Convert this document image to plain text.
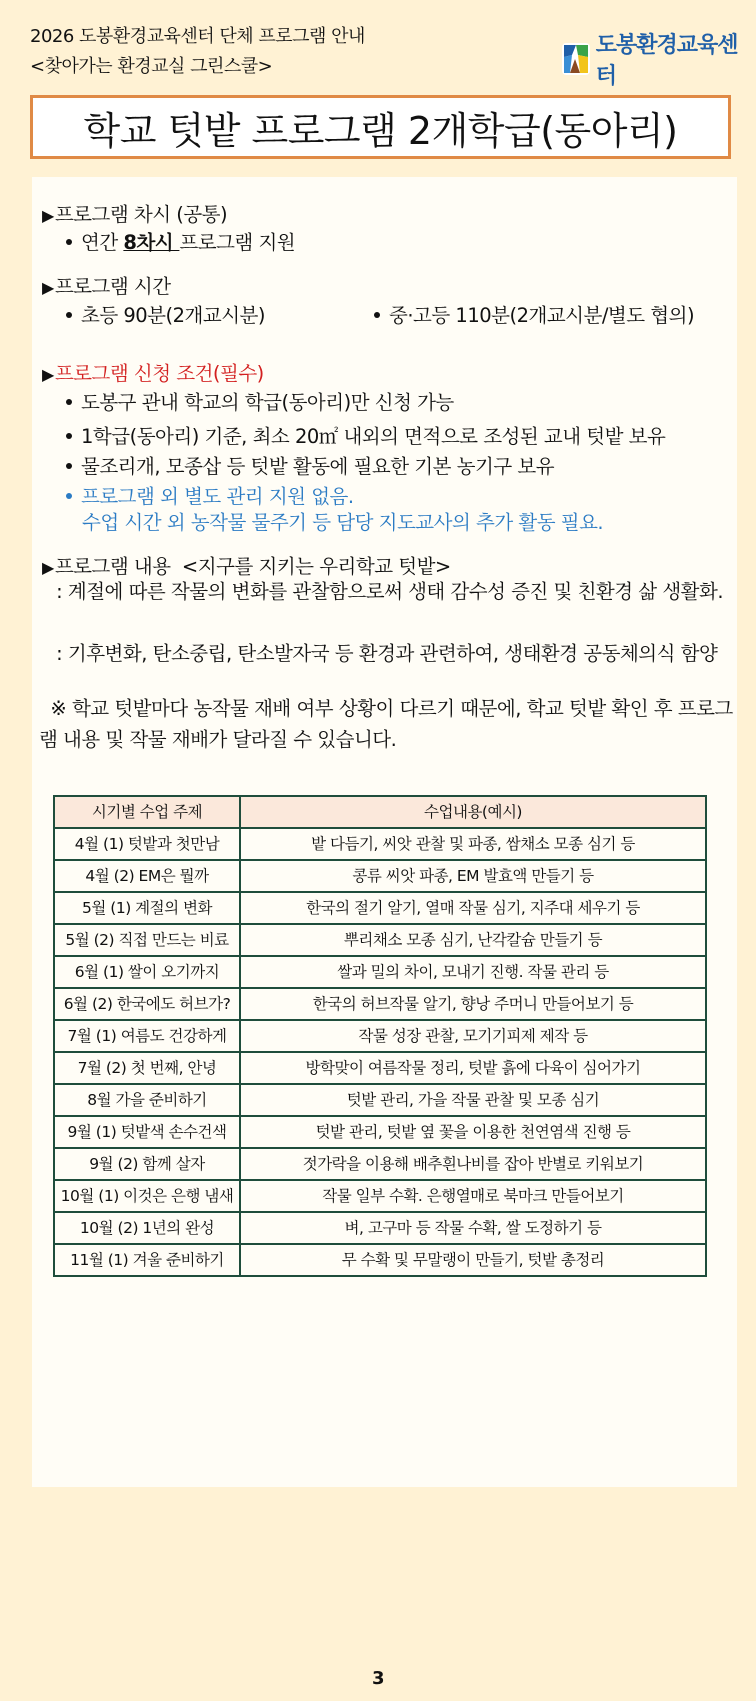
2026 도봉환경교육센터 단체 프로그램 안내
<찾아가는 환경교실 그린스쿨>
도봉환경교육센터
학교 텃밭 프로그램 2개학급(동아리)
▶프로그램 차시 (공통)
연간 8차시 프로그램 지원
▶프로그램 시간
초등 90분(2개교시분)	중·고등 110분(2개교시분/별도 협의)
▶프로그램 신청 조건(필수)
도봉구 관내 학교의 학급(동아리)만 신청 가능
1학급(동아리) 기준, 최소 20㎡ 내외의 면적으로 조성된 교내 텃밭 보유
물조리개, 모종삽 등 텃밭 활동에 필요한 기본 농기구 보유
프로그램 외 별도 관리 지원 없음.
수업 시간 외 농작물 물주기 등 담당 지도교사의 추가 활동 필요.
▶프로그램 내용  <지구를 지키는 우리학교 텃밭>
: 계절에 따른 작물의 변화를 관찰함으로써 생태 감수성 증진 및 친환경 삶 생활화.
: 기후변화, 탄소중립, 탄소발자국 등 환경과 관련하여, 생태환경 공동체의식 함양
※ 학교 텃밭마다 농작물 재배 여부 상황이 다르기 때문에, 학교 텃밭 확인 후 프로그램 내용 및 작물 재배가 달라질 수 있습니다.
시기별 수업 주제	수업내용(예시)
4월 (1) 텃밭과 첫만남	밭 다듬기, 씨앗 관찰 및 파종, 쌈채소 모종 심기 등
4월 (2) EM은 뭘까	콩류 씨앗 파종, EM 발효액 만들기 등
5월 (1) 계절의 변화	한국의 절기 알기, 열매 작물 심기, 지주대 세우기 등
5월 (2) 직접 만드는 비료	뿌리채소 모종 심기, 난각칼슘 만들기 등
6월 (1) 쌀이 오기까지	쌀과 밀의 차이, 모내기 진행. 작물 관리 등
6월 (2) 한국에도 허브가?	한국의 허브작물 알기, 향낭 주머니 만들어보기 등
7월 (1) 여름도 건강하게	작물 성장 관찰, 모기기피제 제작 등
7월 (2) 첫 번째, 안녕	방학맞이 여름작물 정리, 텃밭 흙에 다육이 심어가기
8월 가을 준비하기	텃밭 관리, 가을 작물 관찰 및 모종 심기
9월 (1) 텃밭색 손수건색	텃밭 관리, 텃밭 옆 꽃을 이용한 천연염색 진행 등
9월 (2) 함께 살자	젓가락을 이용해 배추흰나비를 잡아 반별로 키워보기
10월 (1) 이것은 은행 냄새	작물 일부 수확. 은행열매로 북마크 만들어보기
10월 (2) 1년의 완성	벼, 고구마 등 작물 수확, 쌀 도정하기 등
11월 (1) 겨울 준비하기	무 수확 및 무말랭이 만들기, 텃밭 총정리
3
